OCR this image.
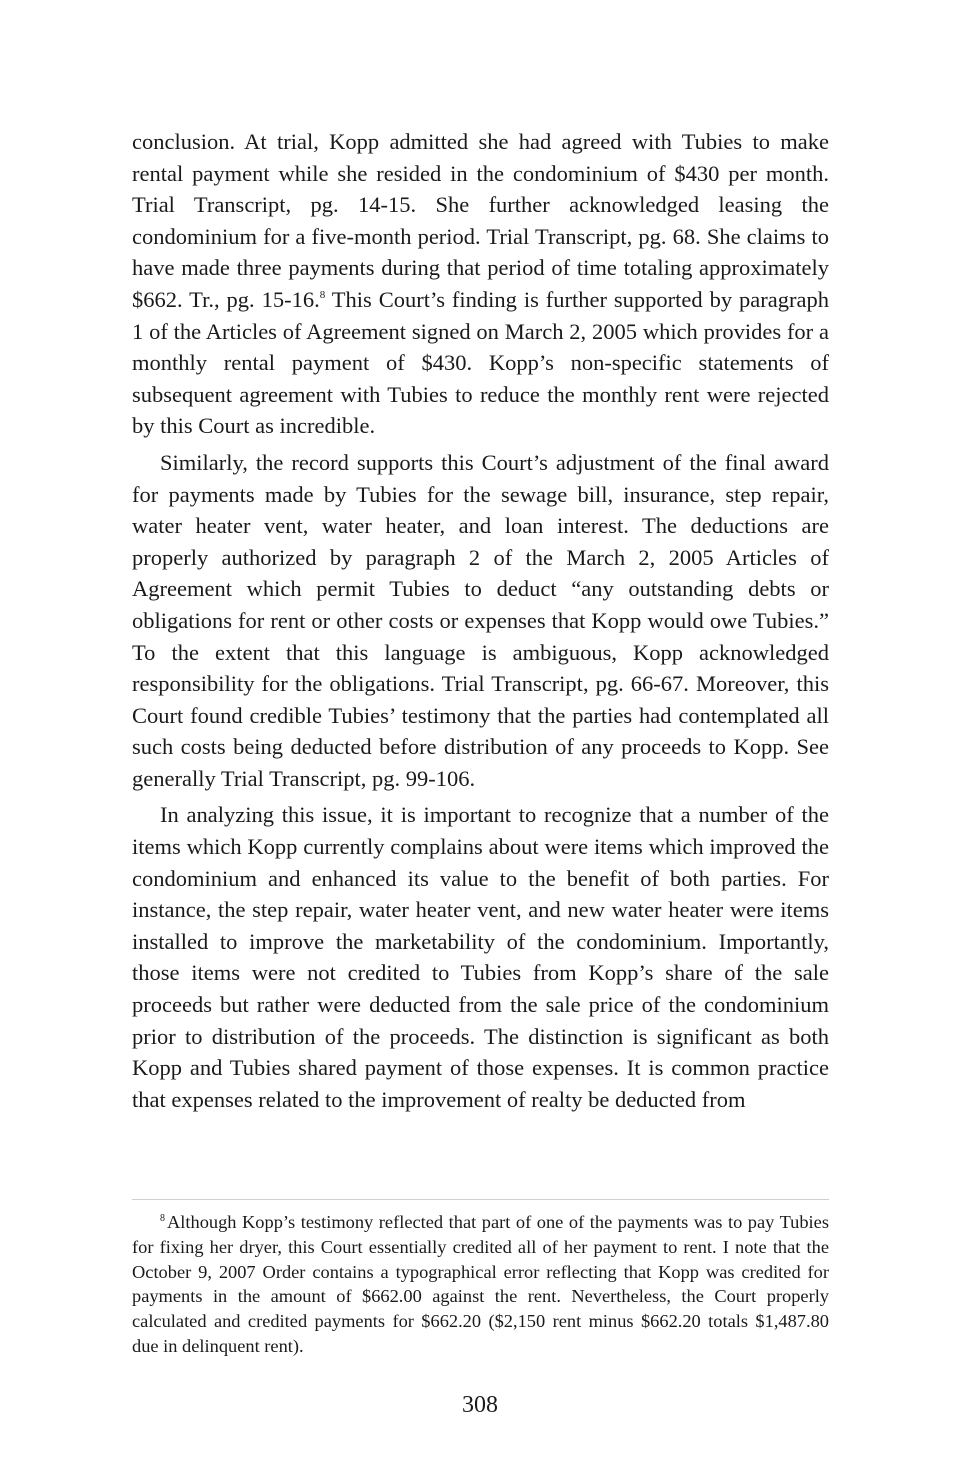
conclusion. At trial, Kopp admitted she had agreed with Tubies to make rental payment while she resided in the condominium of $430 per month. Trial Transcript, pg. 14-15. She further acknowledged leasing the condominium for a five-month period. Trial Transcript, pg. 68. She claims to have made three payments during that period of time totaling approximately $662. Tr., pg. 15-16.$^8$ This Court’s finding is further supported by paragraph 1 of the Articles of Agreement signed on March 2, 2005 which provides for a monthly rental payment of $430. Kopp’s non-specific statements of subsequent agreement with Tubies to reduce the monthly rent were rejected by this Court as incredible.

Similarly, the record supports this Court’s adjustment of the final award for payments made by Tubies for the sewage bill, insurance, step repair, water heater vent, water heater, and loan interest. The deductions are properly authorized by paragraph 2 of the March 2, 2005 Articles of Agreement which permit Tubies to deduct “any outstanding debts or obligations for rent or other costs or expenses that Kopp would owe Tubies.” To the extent that this language is ambiguous, Kopp acknowledged responsibility for the obligations. Trial Transcript, pg. 66-67. Moreover, this Court found credible Tubies’ testimony that the parties had contemplated all such costs being deducted before distribution of any proceeds to Kopp. See generally Trial Transcript, pg. 99-106.

In analyzing this issue, it is important to recognize that a number of the items which Kopp currently complains about were items which improved the condominium and enhanced its value to the benefit of both parties. For instance, the step repair, water heater vent, and new water heater were items installed to improve the marketability of the condominium. Importantly, those items were not credited to Tubies from Kopp’s share of the sale proceeds but rather were deducted from the sale price of the condominium prior to distribution of the proceeds. The distinction is significant as both Kopp and Tubies shared payment of those expenses. It is common practice that expenses related to the improvement of realty be deducted from

$^8$ Although Kopp’s testimony reflected that part of one of the payments was to pay Tubies for fixing her dryer, this Court essentially credited all of her payment to rent. I note that the October 9, 2007 Order contains a typographical error reflecting that Kopp was credited for payments in the amount of $662.00 against the rent. Nevertheless, the Court properly calculated and credited payments for $662.20 ($2,150 rent minus $662.20 totals $1,487.80 due in delinquent rent).

308
